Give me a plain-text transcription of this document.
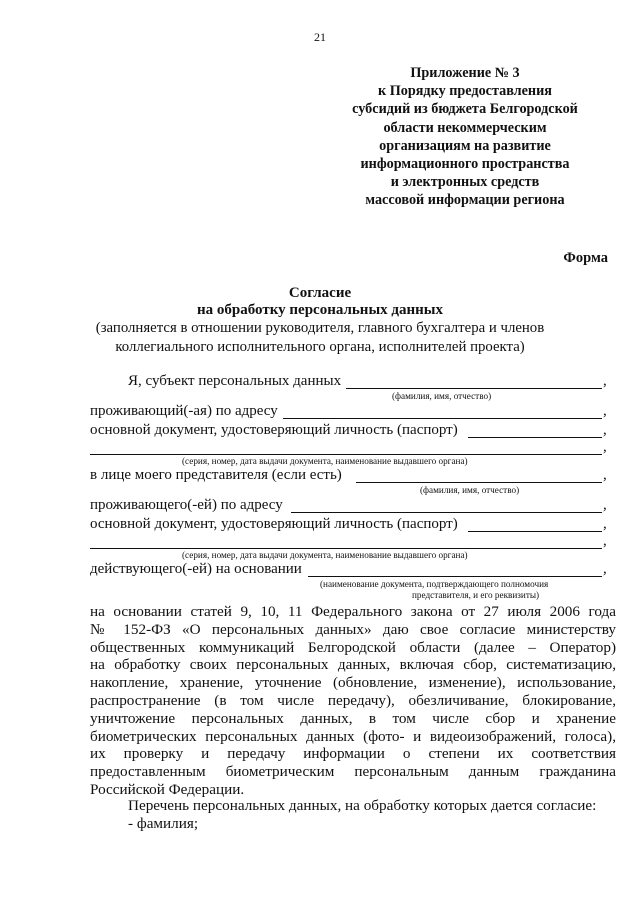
21
Приложение № 3
к Порядку предоставления
субсидий из бюджета Белгородской
области некоммерческим
организациям на развитие
информационного пространства
и электронных средств
массовой информации региона
Форма
Согласие
на обработку персональных данных
(заполняется в отношении руководителя, главного бухгалтера и членов
коллегиального исполнительного органа, исполнителей проекта)
Я, субъект персональных данных	,
(фамилия, имя, отчество)
проживающий(-ая) по адресу	,
основной документ, удостоверяющий личность (паспорт)	,
,
(серия, номер, дата выдачи документа, наименование выдавшего органа)
в лице моего представителя (если есть)	,
(фамилия, имя, отчество)
проживающего(-ей) по адресу	,
основной документ, удостоверяющий личность (паспорт)	,
,
(серия, номер, дата выдачи документа, наименование выдавшего органа)
действующего(-ей) на основании	,
(наименование документа, подтверждающего полномочия
представителя, и его реквизиты)
на основании статей 9, 10, 11 Федерального закона от 27 июля 2006 года
№ 152-ФЗ «О персональных данных» даю свое согласие министерству
общественных коммуникаций Белгородской области (далее – Оператор)
на обработку своих персональных данных, включая сбор, систематизацию,
накопление, хранение, уточнение (обновление, изменение), использование,
распространение (в том числе передачу), обезличивание, блокирование,
уничтожение персональных данных, в том числе сбор и хранение
биометрических персональных данных (фото- и видеоизображений, голоса),
их проверку и передачу информации о степени их соответствия
предоставленным биометрическим персональным данным гражданина
Российской Федерации.
Перечень персональных данных, на обработку которых дается согласие:
- фамилия;
